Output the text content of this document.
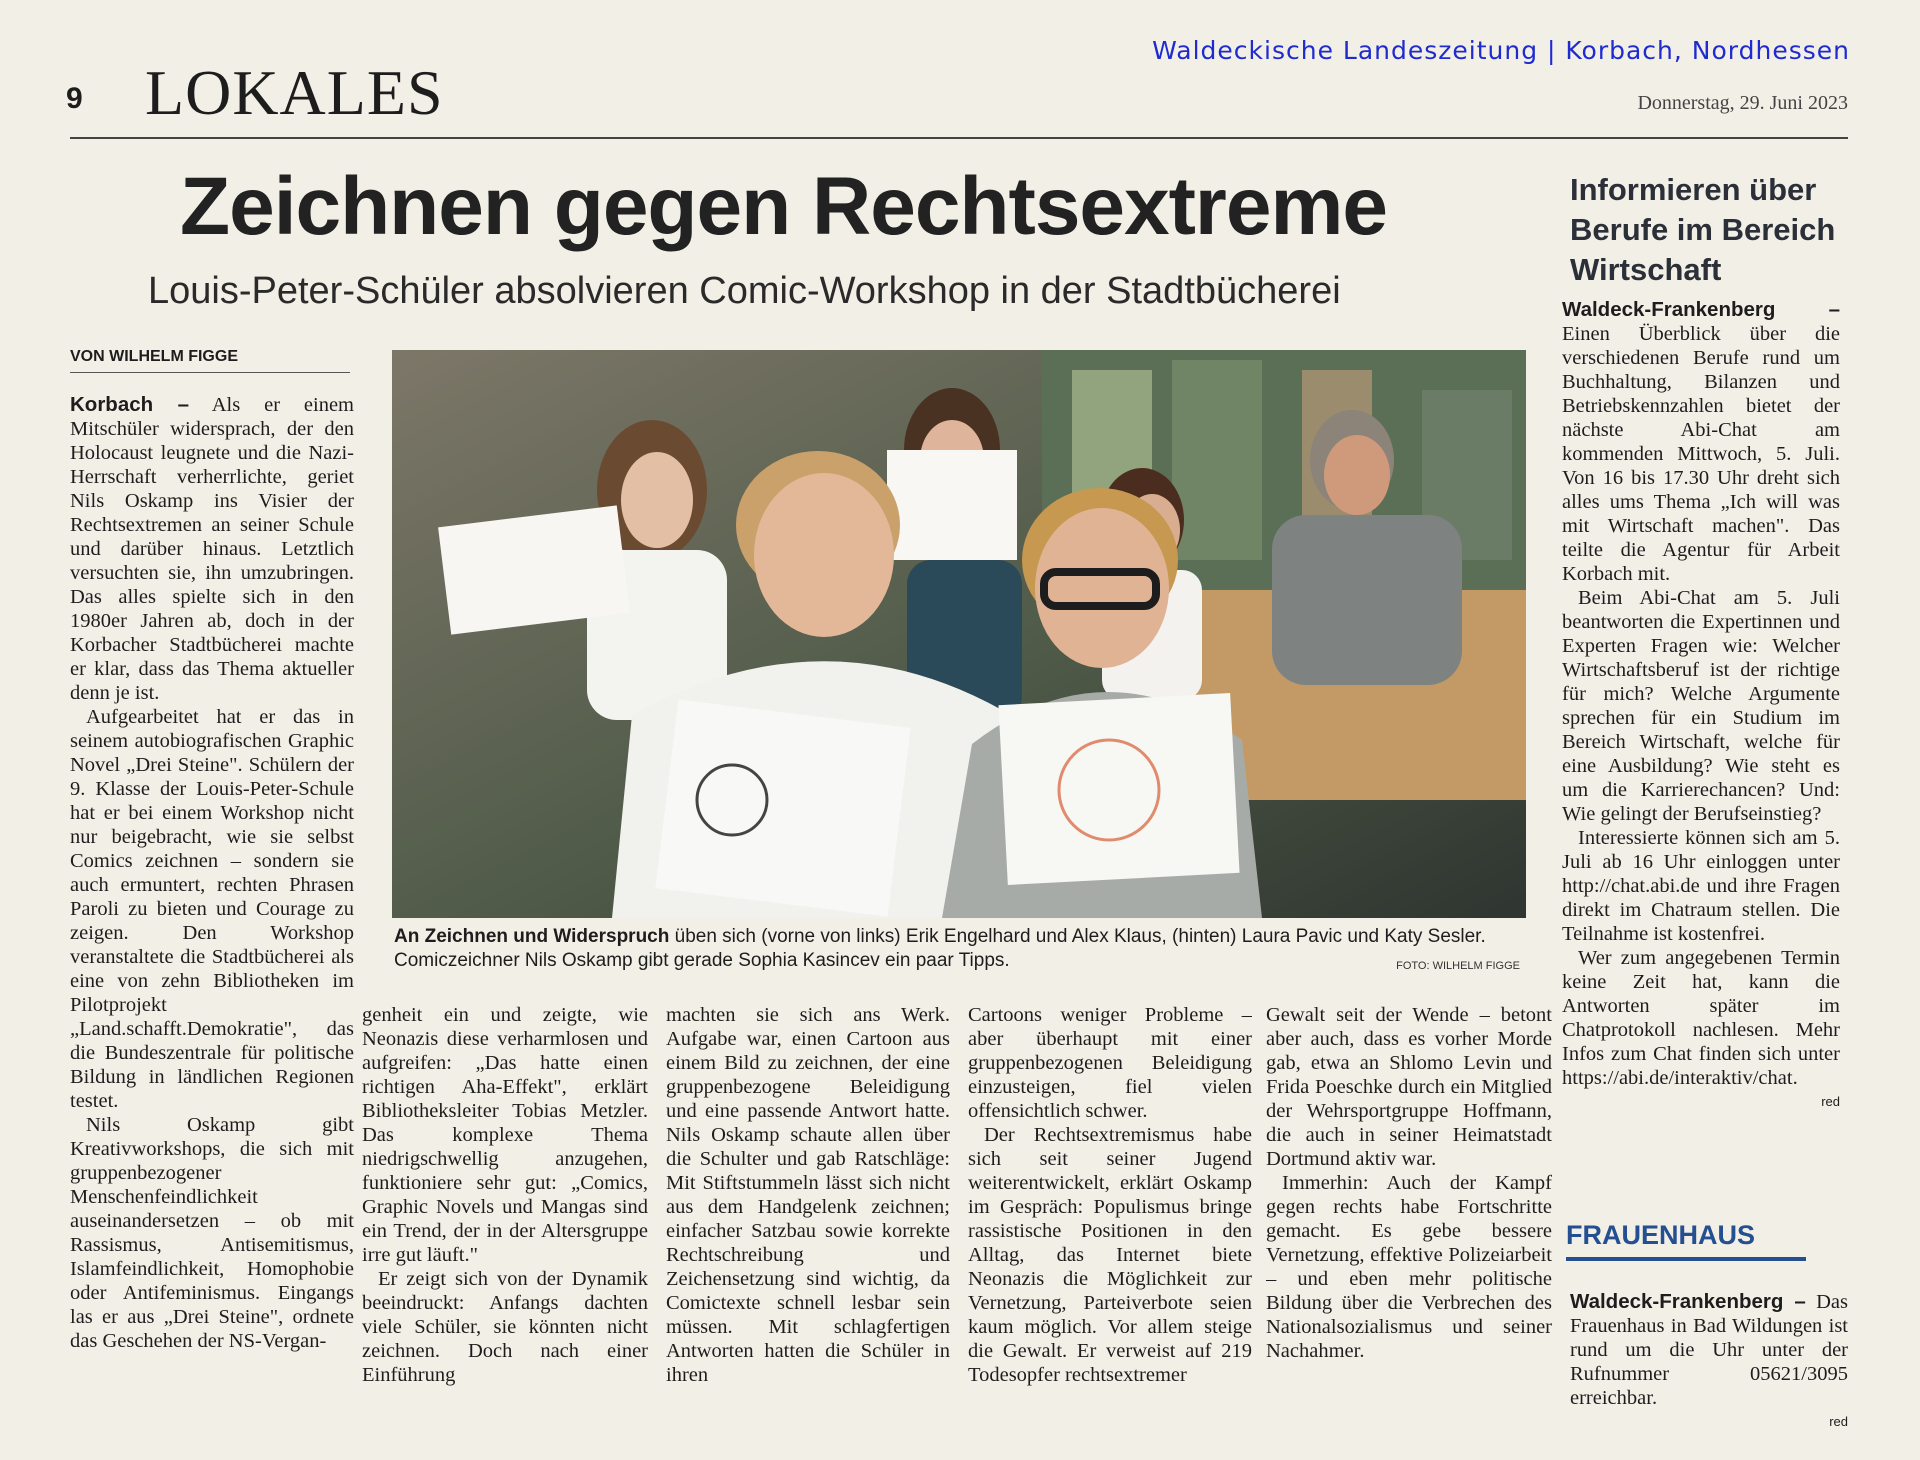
Waldeckische Landeszeitung | Korbach, Nordhessen
9 LOKALES	Donnerstag, 29. Juni 2023
Zeichnen gegen Rechtsextreme
Louis-Peter-Schüler absolvieren Comic-Workshop in der Stadtbücherei
VON WILHELM FIGGE

Korbach – Als er einem Mitschüler widersprach, der den Holocaust leugnete und die Nazi-Herrschaft verherrlichte, geriet Nils Oskamp ins Visier der Rechtsextremen an seiner Schule und darüber hinaus. Letztlich versuchten sie, ihn umzubringen. Das alles spielte sich in den 1980er Jahren ab, doch in der Korbacher Stadtbücherei machte er klar, dass das Thema aktueller denn je ist.

Aufgearbeitet hat er das in seinem autobiografischen Graphic Novel „Drei Steine". Schülern der 9. Klasse der Louis-Peter-Schule hat er bei einem Workshop nicht nur beigebracht, wie sie selbst Comics zeichnen – sondern sie auch ermuntert, rechten Phrasen Paroli zu bieten und Courage zu zeigen. Den Workshop veranstaltete die Stadtbücherei als eine von zehn Bibliotheken im Pilotprojekt „Land.schafft.Demokratie", das die Bundeszentrale für politische Bildung in ländlichen Regionen testet.

Nils Oskamp gibt Kreativworkshops, die sich mit gruppenbezogener Menschenfeindlichkeit auseinandersetzen – ob mit Rassismus, Antisemitismus, Islamfeindlichkeit, Homophobie oder Antifeminismus. Eingangs las er aus „Drei Steine", ordnete das Geschehen der NS-Vergan-

An Zeichnen und Widerspruch üben sich (vorne von links) Erik Engelhard und Alex Klaus, (hinten) Laura Pavic und Katy Sesler. Comiczeichner Nils Oskamp gibt gerade Sophia Kasincev ein paar Tipps.	FOTO: WILHELM FIGGE

genheit ein und zeigte, wie Neonazis diese verharmlosen und aufgreifen: „Das hatte einen richtigen Aha-Effekt", erklärt Bibliotheksleiter Tobias Metzler. Das komplexe Thema niedrigschwellig anzugehen, funktioniere sehr gut: „Comics, Graphic Novels und Mangas sind ein Trend, der in der Altersgruppe irre gut läuft."

Er zeigt sich von der Dynamik beeindruckt: Anfangs dachten viele Schüler, sie könnten nicht zeichnen. Doch nach einer Einführung

machten sie sich ans Werk. Aufgabe war, einen Cartoon aus einem Bild zu zeichnen, der eine gruppenbezogene Beleidigung und eine passende Antwort hatte. Nils Oskamp schaute allen über die Schulter und gab Ratschläge: Mit Stiftstummeln lässt sich nicht aus dem Handgelenk zeichnen; einfacher Satzbau sowie korrekte Rechtschreibung und Zeichensetzung sind wichtig, da Comictexte schnell lesbar sein müssen. Mit schlagfertigen Antworten hatten die Schüler in ihren

Cartoons weniger Probleme – aber überhaupt mit einer gruppenbezogenen Beleidigung einzusteigen, fiel vielen offensichtlich schwer.

Der Rechtsextremismus habe sich seit seiner Jugend weiterentwickelt, erklärt Oskamp im Gespräch: Populismus bringe rassistische Positionen in den Alltag, das Internet biete Neonazis die Möglichkeit zur Vernetzung, Parteiverbote seien kaum möglich. Vor allem steige die Gewalt. Er verweist auf 219 Todesopfer rechtsextremer

Gewalt seit der Wende – betont aber auch, dass es vorher Morde gab, etwa an Shlomo Levin und Frida Poeschke durch ein Mitglied der Wehrsportgruppe Hoffmann, die auch in seiner Heimatstadt Dortmund aktiv war.

Immerhin: Auch der Kampf gegen rechts habe Fortschritte gemacht. Es gebe bessere Vernetzung, effektive Polizeiarbeit – und eben mehr politische Bildung über die Verbrechen des Nationalsozialismus und seiner Nachahmer.

Informieren über Berufe im Bereich Wirtschaft

Waldeck-Frankenberg – Einen Überblick über die verschiedenen Berufe rund um Buchhaltung, Bilanzen und Betriebskennzahlen bietet der nächste Abi-Chat am kommenden Mittwoch, 5. Juli. Von 16 bis 17.30 Uhr dreht sich alles ums Thema „Ich will was mit Wirtschaft machen". Das teilte die Agentur für Arbeit Korbach mit.

Beim Abi-Chat am 5. Juli beantworten die Expertinnen und Experten Fragen wie: Welcher Wirtschaftsberuf ist der richtige für mich? Welche Argumente sprechen für ein Studium im Bereich Wirtschaft, welche für eine Ausbildung? Wie steht es um die Karrierechancen? Und: Wie gelingt der Berufseinstieg?

Interessierte können sich am 5. Juli ab 16 Uhr einloggen unter http://chat.abi.de und ihre Fragen direkt im Chatraum stellen. Die Teilnahme ist kostenfrei.

Wer zum angegebenen Termin keine Zeit hat, kann die Antworten später im Chatprotokoll nachlesen. Mehr Infos zum Chat finden sich unter https://abi.de/interaktiv/chat.

red
FRAUENHAUS

Waldeck-Frankenberg – Das Frauenhaus in Bad Wildungen ist rund um die Uhr unter der Rufnummer 05621/3095 erreichbar.

red
